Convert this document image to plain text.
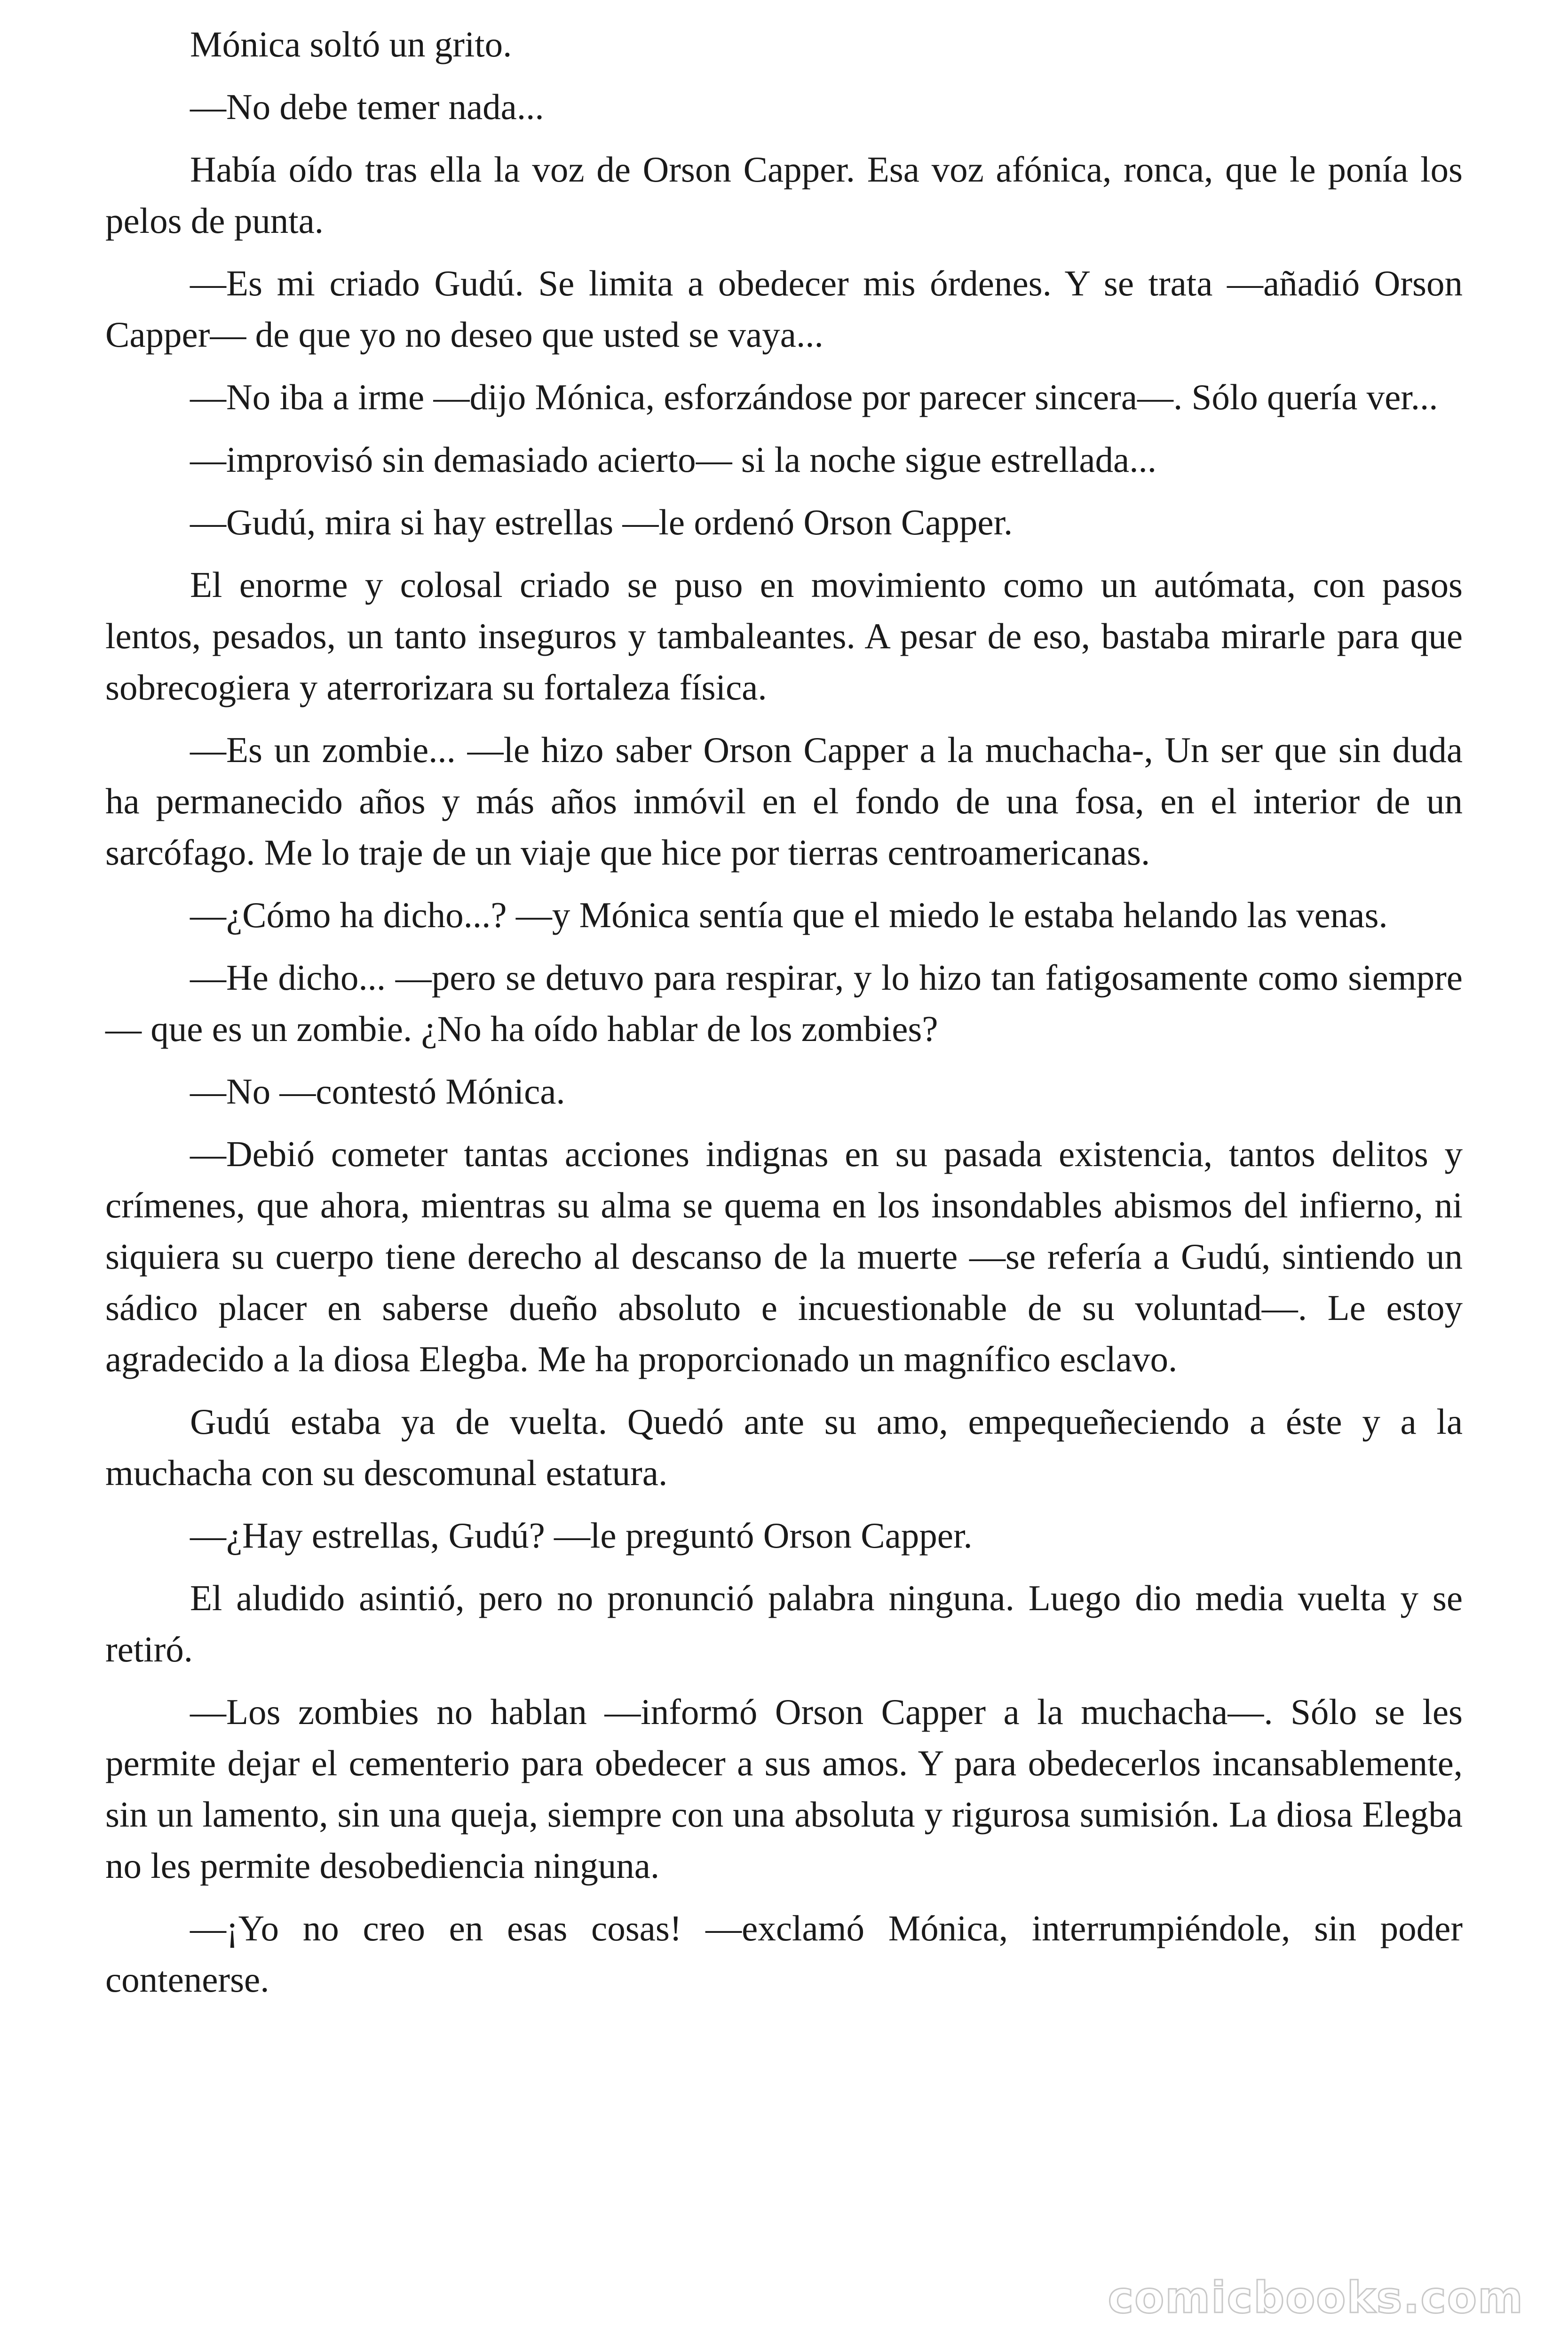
Mónica soltó un grito.

—No debe temer nada...

Había oído tras ella la voz de Orson Capper. Esa voz afónica, ronca, que le ponía los pelos de punta.

—Es mi criado Gudú. Se limita a obedecer mis órdenes. Y se trata —añadió Orson Capper— de que yo no deseo que usted se vaya...

—No iba a irme —dijo Mónica, esforzándose por parecer sincera—. Sólo quería ver...

—improvisó sin demasiado acierto— si la noche sigue estrellada...

—Gudú, mira si hay estrellas —le ordenó Orson Capper.

El enorme y colosal criado se puso en movimiento como un autómata, con pasos lentos, pesados, un tanto inseguros y tambaleantes. A pesar de eso, bastaba mirarle para que sobrecogiera y aterrorizara su fortaleza física.

—Es un zombie... —le hizo saber Orson Capper a la muchacha-, Un ser que sin duda ha permanecido años y más años inmóvil en el fondo de una fosa, en el interior de un sarcófago. Me lo traje de un viaje que hice por tierras centroamericanas.

—¿Cómo ha dicho...? —y Mónica sentía que el miedo le estaba helando las venas.

—He dicho... —pero se detuvo para respirar, y lo hizo tan fatigosamente como siempre— que es un zombie. ¿No ha oído hablar de los zombies?

—No —contestó Mónica.

—Debió cometer tantas acciones indignas en su pasada existencia, tantos delitos y crímenes, que ahora, mientras su alma se quema en los insondables abismos del infierno, ni siquiera su cuerpo tiene derecho al descanso de la muerte —se refería a Gudú, sintiendo un sádico placer en saberse dueño absoluto e incuestionable de su voluntad—. Le estoy agradecido a la diosa Elegba. Me ha proporcionado un magnífico esclavo.

Gudú estaba ya de vuelta. Quedó ante su amo, empequeñeciendo a éste y a la muchacha con su descomunal estatura.

—¿Hay estrellas, Gudú? —le preguntó Orson Capper.

El aludido asintió, pero no pronunció palabra ninguna. Luego dio media vuelta y se retiró.

—Los zombies no hablan —informó Orson Capper a la muchacha—. Sólo se les permite dejar el cementerio para obedecer a sus amos. Y para obedecerlos incansablemente, sin un lamento, sin una queja, siempre con una absoluta y rigurosa sumisión. La diosa Elegba no les permite desobediencia ninguna.

—¡Yo no creo en esas cosas! —exclamó Mónica, interrumpiéndole, sin poder contenerse.

comicbooks.com
